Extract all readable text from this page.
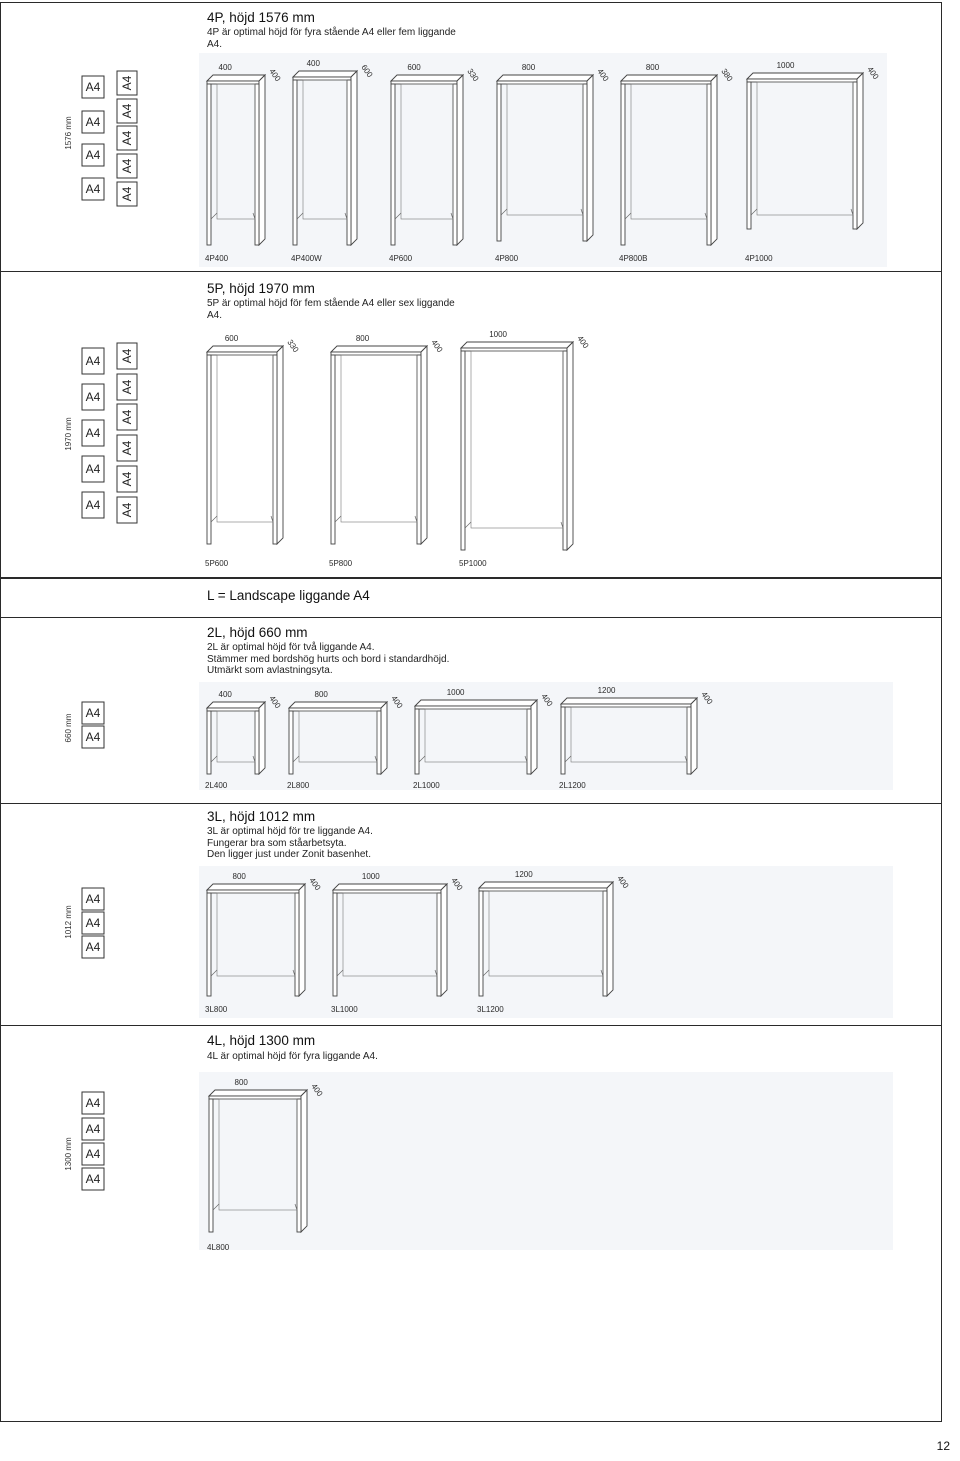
4P, höjd 1576 mm
4P är optimal höjd för fyra stående A4 eller fem liggande
A4.
1576 mm
A4
A4
A4
A4
A4
A4
A4
A4
A4
400	400
4P400
400	600
4P400W
600	330
4P600
800	400
4P800
800	380
4P800B
1000	400
4P1000
5P, höjd 1970 mm
5P är optimal höjd för fem stående A4 eller sex liggande
A4.
1970 mm
A4
A4
A4
A4
A4
A4
A4
A4
A4
A4
A4
600	330
5P600
800	400
5P800
1000	400
5P1000
L = Landscape liggande A4
2L, höjd 660 mm
2L är optimal höjd för två liggande A4.
Stämmer med bordshög hurts och bord i standardhöjd.
Utmärkt som avlastningsyta.
660 mm
A4
A4
400	400
2L400
800	400
2L800
1000	400
2L1000
1200	400
2L1200
3L, höjd 1012 mm
3L är optimal höjd för tre liggande A4.
Fungerar bra som ståarbetsyta.
Den ligger just under Zonit basenhet.
1012 mm
A4
A4
A4
800	400
3L800
1000	400
3L1000
1200	400
3L1200
4L, höjd 1300 mm
4L är optimal höjd för fyra liggande A4.
1300 mm
A4
A4
A4
A4
800	400
4L800
12
